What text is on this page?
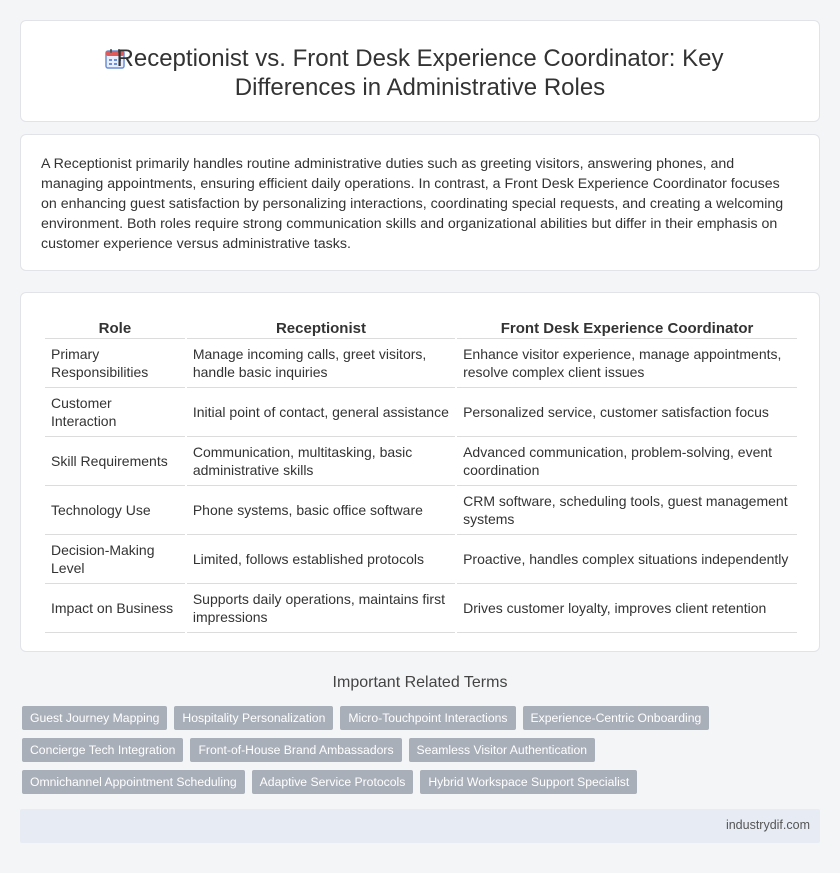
Receptionist vs. Front Desk Experience Coordinator: Key
Differences in Administrative Roles

A Receptionist primarily handles routine administrative duties such as greeting visitors, answering phones, and managing appointments, ensuring efficient daily operations. In contrast, a Front Desk Experience Coordinator focuses on enhancing guest satisfaction by personalizing interactions, coordinating special requests, and creating a welcoming environment. Both roles require strong communication skills and organizational abilities but differ in their emphasis on customer experience versus administrative tasks.

Role	Receptionist	Front Desk Experience Coordinator
Primary Responsibilities	Manage incoming calls, greet visitors, handle basic inquiries	Enhance visitor experience, manage appointments, resolve complex client issues
Customer Interaction	Initial point of contact, general assistance	Personalized service, customer satisfaction focus
Skill Requirements	Communication, multitasking, basic administrative skills	Advanced communication, problem-solving, event coordination
Technology Use	Phone systems, basic office software	CRM software, scheduling tools, guest management systems
Decision-Making Level	Limited, follows established protocols	Proactive, handles complex situations independently
Impact on Business	Supports daily operations, maintains first impressions	Drives customer loyalty, improves client retention
Important Related Terms
Guest Journey Mapping	Hospitality Personalization	Micro-Touchpoint Interactions	Experience-Centric Onboarding
Concierge Tech Integration	Front-of-House Brand Ambassadors	Seamless Visitor Authentication
Omnichannel Appointment Scheduling	Adaptive Service Protocols	Hybrid Workspace Support Specialist
industrydif.com
